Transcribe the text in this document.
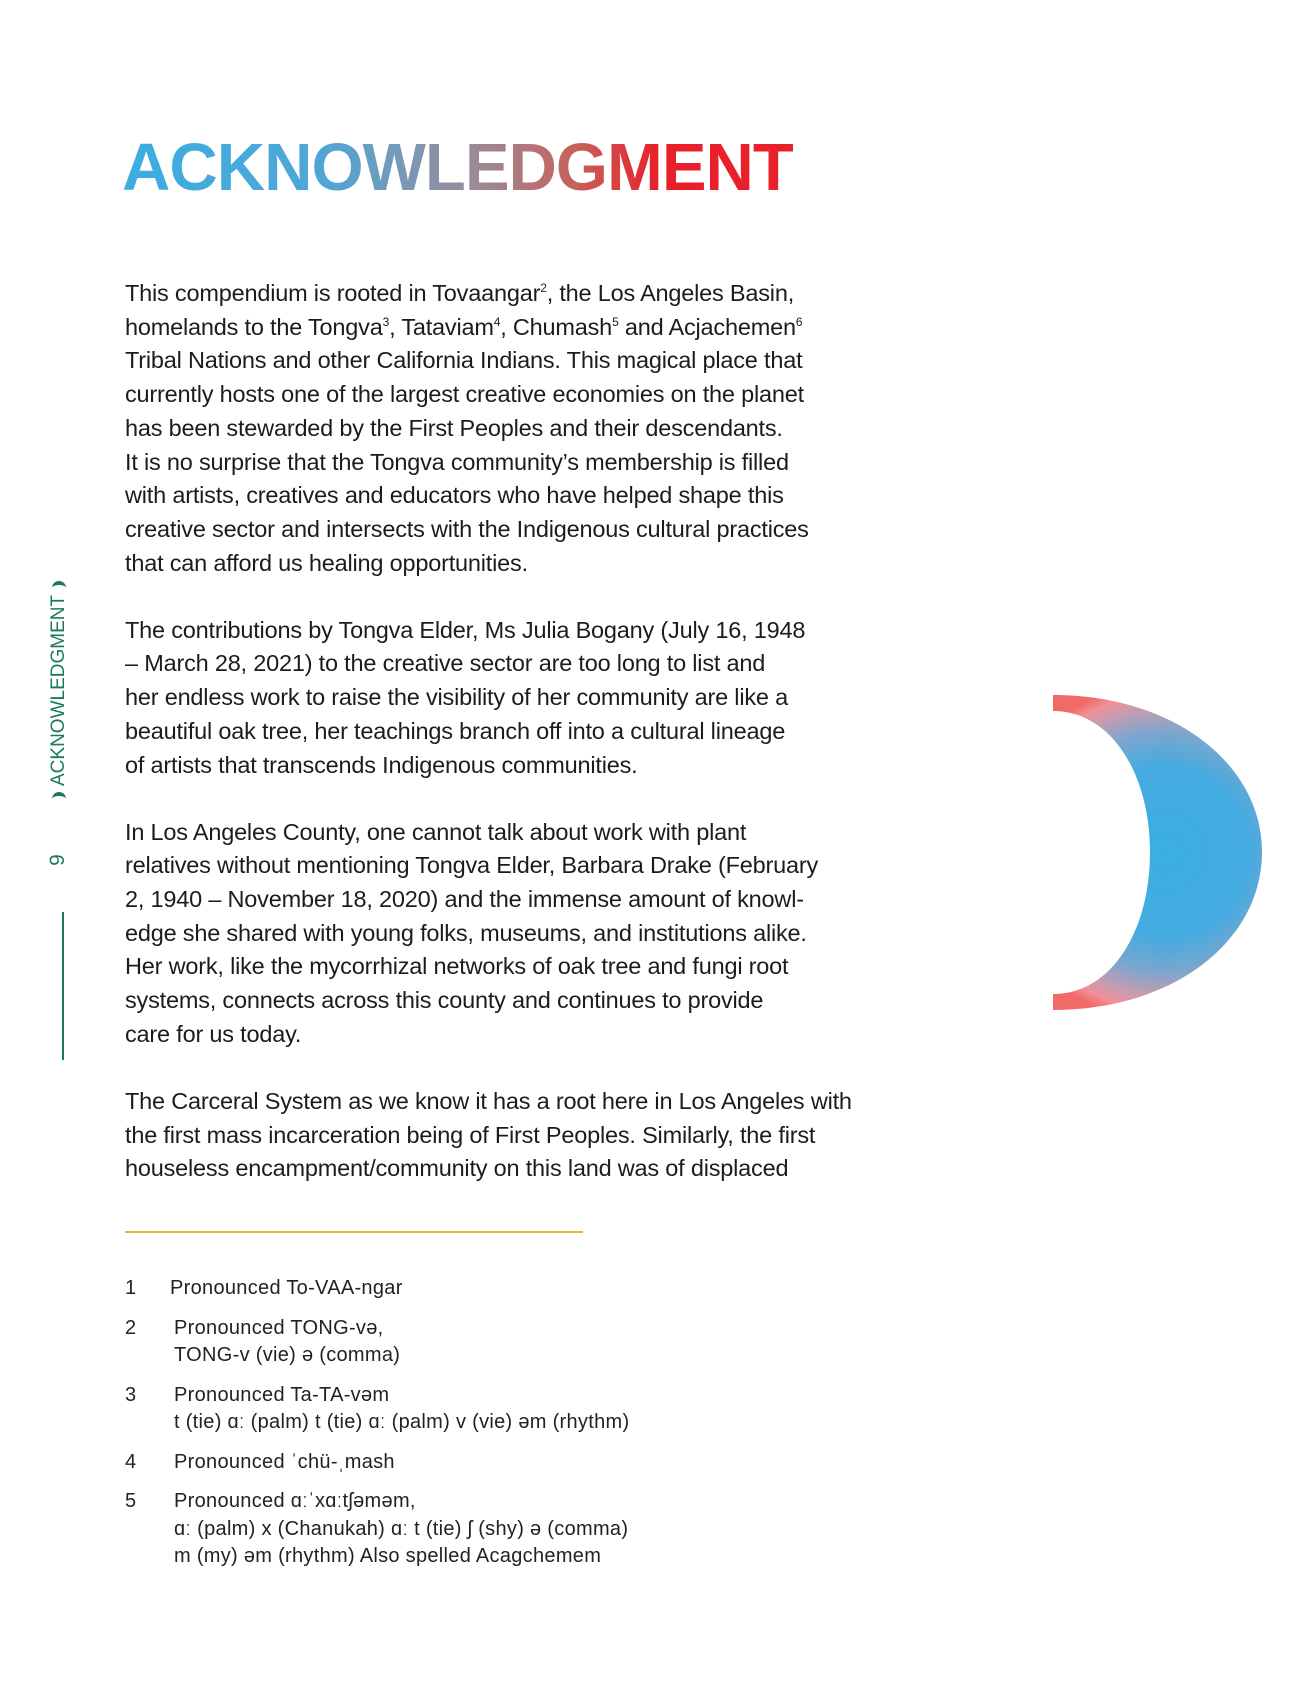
ACKNOWLEDGMENT
ACKNOWLEDGMENT
9

This compendium is rooted in Tovaangar$^2$, the Los Angeles Basin,
homelands to the Tongva$^3$, Tataviam$^4$, Chumash$^5$ and Acjachemen$^6$
Tribal Nations and other California Indians. This magical place that
currently hosts one of the largest creative economies on the planet
has been stewarded by the First Peoples and their descendants.
It is no surprise that the Tongva community’s membership is filled
with artists, creatives and educators who have helped shape this
creative sector and intersects with the Indigenous cultural practices
that can afford us healing opportunities.

The contributions by Tongva Elder, Ms Julia Bogany (July 16, 1948
– March 28, 2021) to the creative sector are too long to list and
her endless work to raise the visibility of her community are like a
beautiful oak tree, her teachings branch off into a cultural lineage
of artists that transcends Indigenous communities.

In Los Angeles County, one cannot talk about work with plant
relatives without mentioning Tongva Elder, Barbara Drake (February
2, 1940 – November 18, 2020) and the immense amount of knowl-
edge she shared with young folks, museums, and institutions alike.
Her work, like the mycorrhizal networks of oak tree and fungi root
systems, connects across this county and continues to provide
care for us today.

The Carceral System as we know it has a root here in Los Angeles with
the first mass incarceration being of First Peoples. Similarly, the first
houseless encampment/community on this land was of displaced

1	Pronounced To-VAA-ngar
2	Pronounced TONG-və,
TONG-v (vie) ə (comma)
3	Pronounced Ta-TA-vəm
t (tie) ɑː (palm) t (tie) ɑː (palm) v (vie) əm (rhythm)
4	Pronounced ˈchü-ˌmash
5	Pronounced ɑːˈxɑːtʃəməm,
ɑː (palm) x (Chanukah) ɑː t (tie) ʃ (shy) ə (comma)
m (my) əm (rhythm) Also spelled Acagchemem
